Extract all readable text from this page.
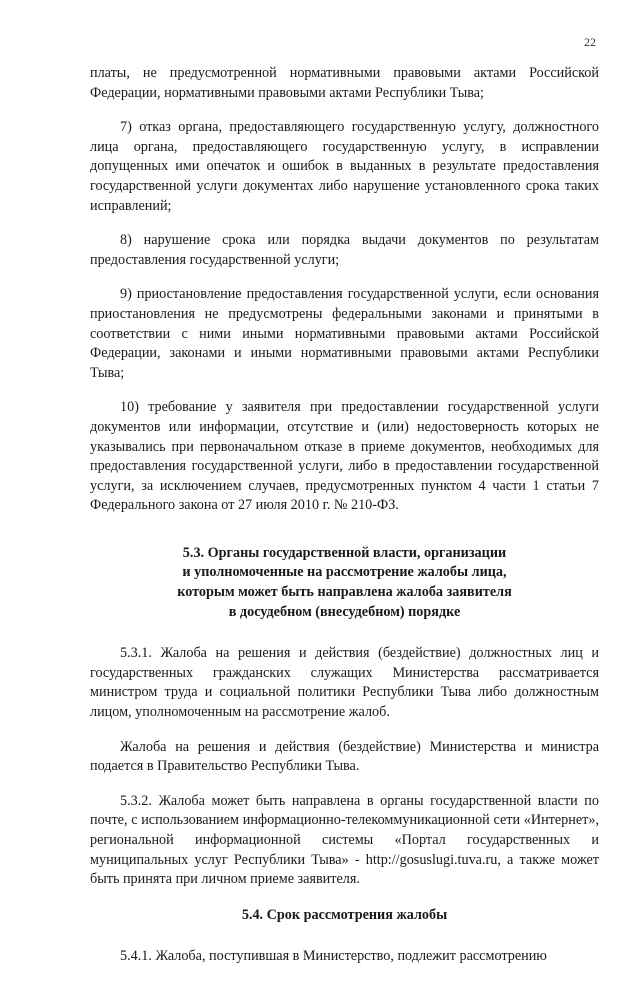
22

платы, не предусмотренной нормативными правовыми актами Российской Федерации, нормативными правовыми актами Республики Тыва;

7) отказ органа, предоставляющего государственную услугу, должностного лица органа, предоставляющего государственную услугу, в исправлении допущенных ими опечаток и ошибок в выданных в результате предоставления государственной услуги документах либо нарушение установленного срока таких исправлений;

8) нарушение срока или порядка выдачи документов по результатам предоставления государственной услуги;

9) приостановление предоставления государственной услуги, если основания приостановления не предусмотрены федеральными законами и принятыми в соответствии с ними иными нормативными правовыми актами Российской Федерации, законами и иными нормативными правовыми актами Республики Тыва;

10) требование у заявителя при предоставлении государственной услуги документов или информации, отсутствие и (или) недостоверность которых не указывались при первоначальном отказе в приеме документов, необходимых для предоставления государственной услуги, либо в предоставлении государственной услуги, за исключением случаев, предусмотренных пунктом 4 части 1 статьи 7 Федерального закона от 27 июля 2010 г. № 210-ФЗ.

5.3. Органы государственной власти, организации
и уполномоченные на рассмотрение жалобы лица,
которым может быть направлена жалоба заявителя
в досудебном (внесудебном) порядке

5.3.1. Жалоба на решения и действия (бездействие) должностных лиц и государственных гражданских служащих Министерства рассматривается министром труда и социальной политики Республики Тыва либо должностным лицом, уполномоченным на рассмотрение жалоб.

Жалоба на решения и действия (бездействие) Министерства и министра подается в Правительство Республики Тыва.

5.3.2. Жалоба может быть направлена в органы государственной власти по почте, с использованием информационно-телекоммуникационной сети «Интернет», региональной информационной системы «Портал государственных и муниципальных услуг Республики Тыва» - http://gosuslugi.tuva.ru, а также может быть принята при личном приеме заявителя.

5.4. Срок рассмотрения жалобы

5.4.1. Жалоба, поступившая в Министерство, подлежит рассмотрению
